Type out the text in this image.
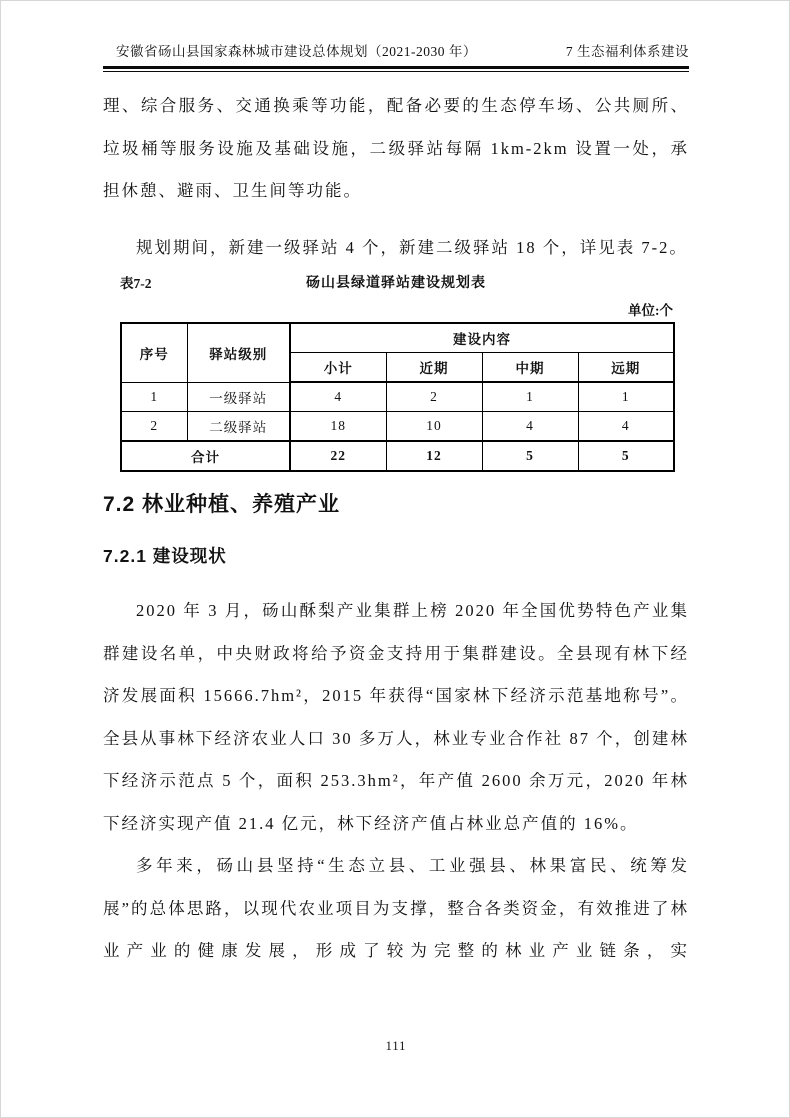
安徽省砀山县国家森林城市建设总体规划（2021-2030 年）	7 生态福利体系建设

理、综合服务、交通换乘等功能，配备必要的生态停车场、公共厕所、垃圾桶等服务设施及基础设施，二级驿站每隔 1km-2km 设置一处，承担休憩、避雨、卫生间等功能。

规划期间，新建一级驿站 4 个，新建二级驿站 18 个，详见表 7-2。

表7-2	砀山县绿道驿站建设规划表
单位:个
序号	驿站级别	建设内容			
		小计	近期	中期	远期
1	一级驿站	4	2	1	1
2	二级驿站	18	10	4	4
合计		22	12	5	5
7.2 林业种植、养殖产业
7.2.1 建设现状

2020 年 3 月，砀山酥梨产业集群上榜 2020 年全国优势特色产业集群建设名单，中央财政将给予资金支持用于集群建设。全县现有林下经济发展面积 15666.7hm²，2015 年获得“国家林下经济示范基地称号”。全县从事林下经济农业人口 30 多万人，林业专业合作社 87 个，创建林下经济示范点 5 个，面积 253.3hm²，年产值 2600 余万元，2020 年林下经济实现产值 21.4 亿元，林下经济产值占林业总产值的 16%。

多年来，砀山县坚持“生态立县、工业强县、林果富民、统筹发展”的总体思路，以现代农业项目为支撑，整合各类资金，有效推进了林业产业的健康发展，形成了较为完整的林业产业链条，实

111
